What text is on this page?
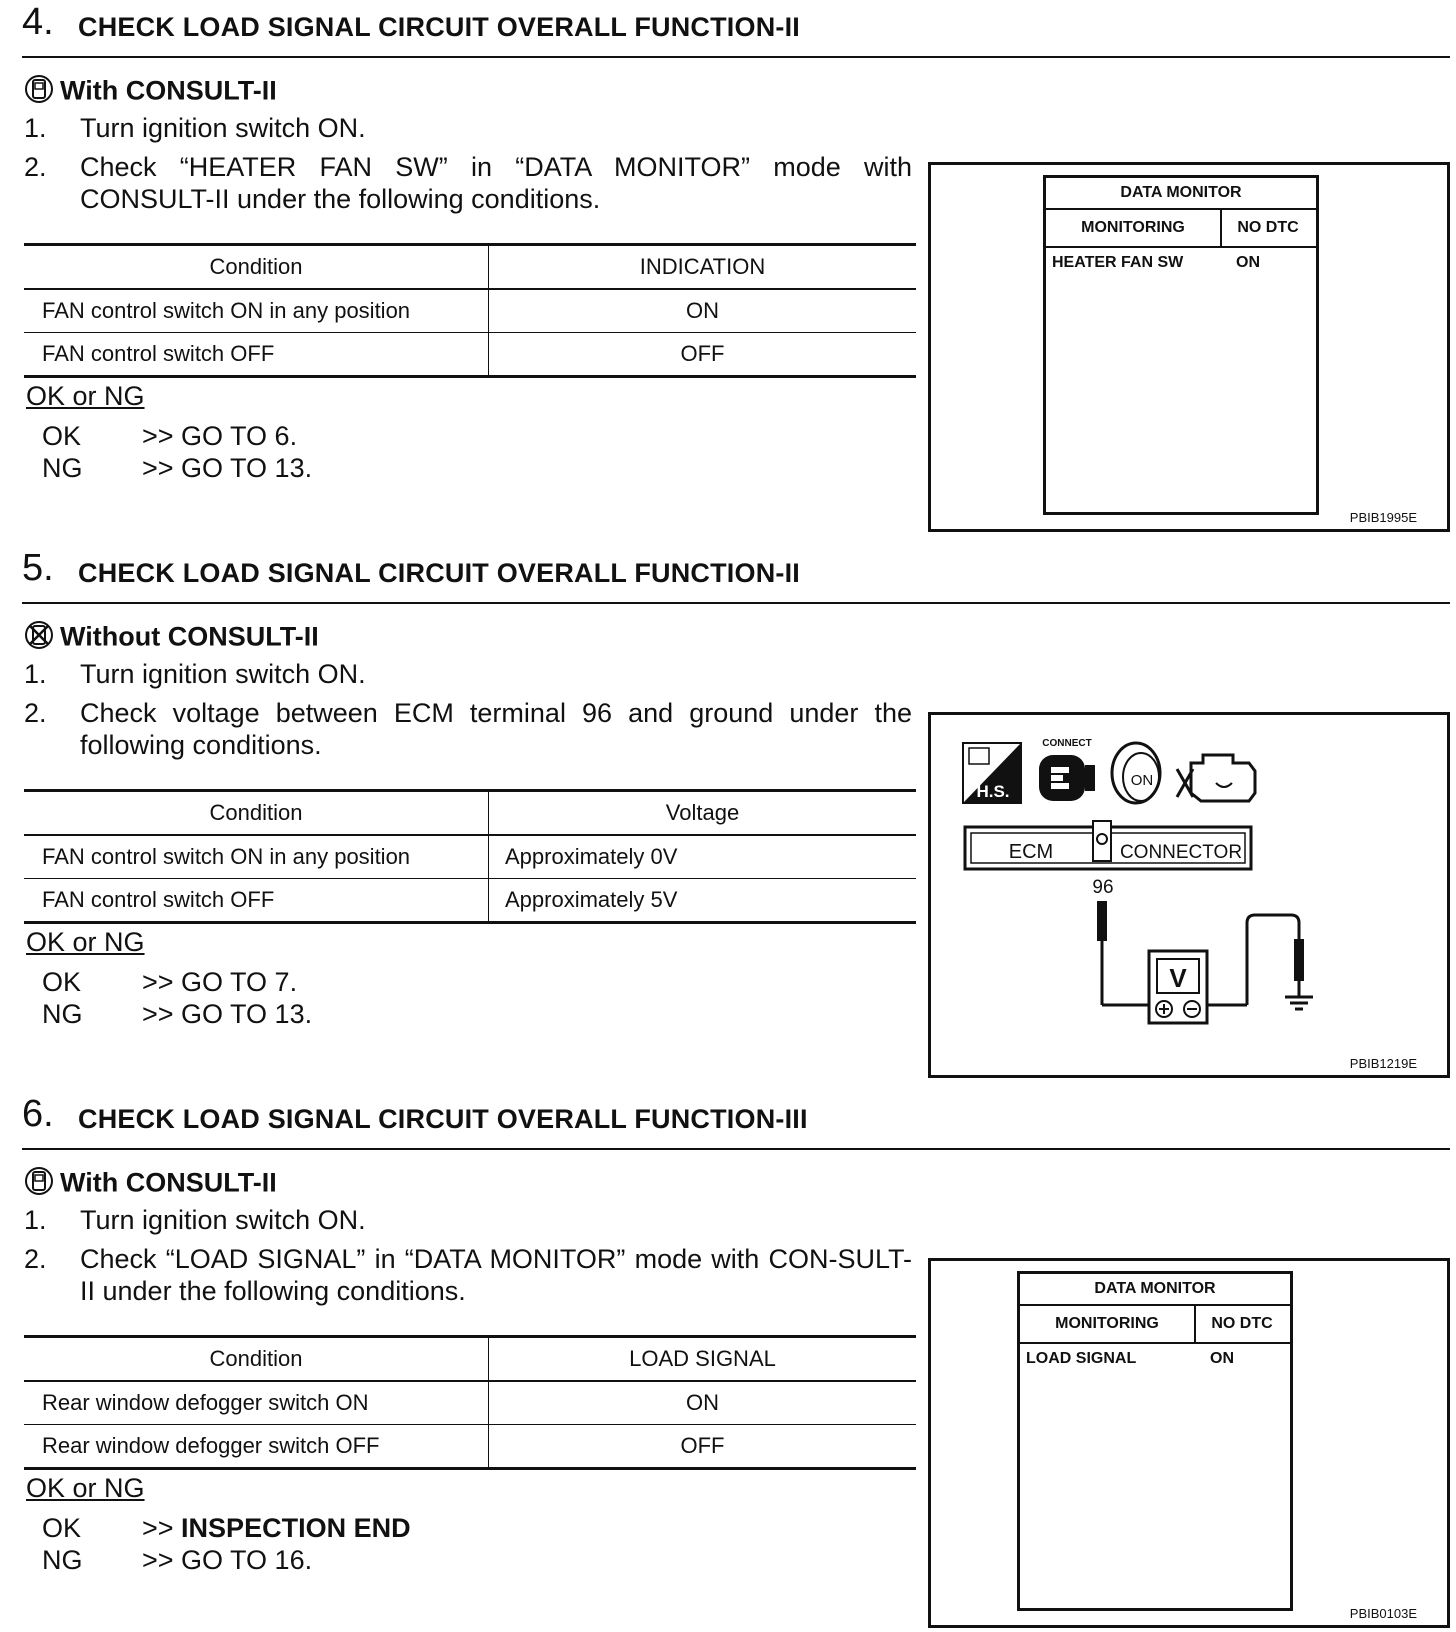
4. CHECK LOAD SIGNAL CIRCUIT OVERALL FUNCTION-II
With CONSULT-II
1. Turn ignition switch ON.
2. Check “HEATER FAN SW” in “DATA MONITOR” mode with CONSULT-II under the following conditions.
Condition	INDICATION
FAN control switch ON in any position	ON
FAN control switch OFF	OFF
OK or NG
OK >> GO TO 6.
NG >> GO TO 13.
DATA MONITOR
MONITORING	NO DTC
HEATER FAN SW	ON
PBIB1995E
5. CHECK LOAD SIGNAL CIRCUIT OVERALL FUNCTION-II
Without CONSULT-II
1. Turn ignition switch ON.
2. Check voltage between ECM terminal 96 and ground under the following conditions.
Condition	Voltage
FAN control switch ON in any position	Approximately 0V
FAN control switch OFF	Approximately 5V
OK or NG
OK >> GO TO 7.
NG >> GO TO 13.
H.S.
CONNECT
ON
ECM	CONNECTOR
96
V
PBIB1219E
6. CHECK LOAD SIGNAL CIRCUIT OVERALL FUNCTION-III
With CONSULT-II
1. Turn ignition switch ON.
2. Check “LOAD SIGNAL” in “DATA MONITOR” mode with CON-SULT-II under the following conditions.
Condition	LOAD SIGNAL
Rear window defogger switch ON	ON
Rear window defogger switch OFF	OFF
OK or NG
OK >> INSPECTION END
NG >> GO TO 16.
DATA MONITOR
MONITORING	NO DTC
LOAD SIGNAL	ON
PBIB0103E
